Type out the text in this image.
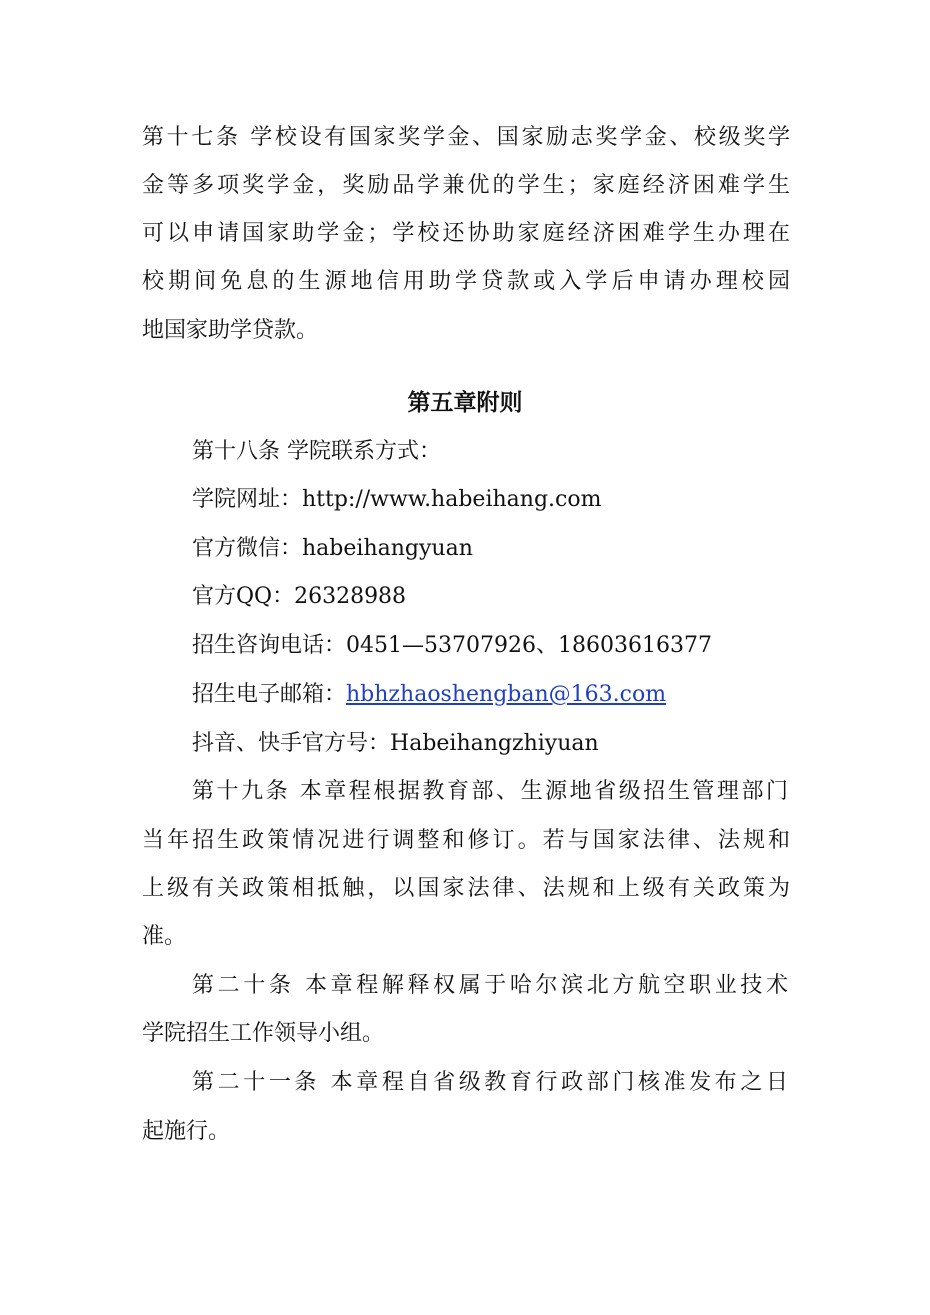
第十七条 学校设有国家奖学金、国家励志奖学金、校级奖学
金等多项奖学金，奖励品学兼优的学生；家庭经济困难学生
可以申请国家助学金；学校还协助家庭经济困难学生办理在
校期间免息的生源地信用助学贷款或入学后申请办理校园
地国家助学贷款。
第五章附则
第十八条 学院联系方式：
学院网址：http://www.habeihang.com
官方微信：habeihangyuan
官方QQ：26328988
招生咨询电话：0451—53707926、18603616377
招生电子邮箱：hbhzhaoshengban@163.com
抖音、快手官方号：Habeihangzhiyuan
第十九条 本章程根据教育部、生源地省级招生管理部门
当年招生政策情况进行调整和修订。若与国家法律、法规和
上级有关政策相抵触，以国家法律、法规和上级有关政策为
准。
第二十条 本章程解释权属于哈尔滨北方航空职业技术
学院招生工作领导小组。
第二十一条 本章程自省级教育行政部门核准发布之日
起施行。
